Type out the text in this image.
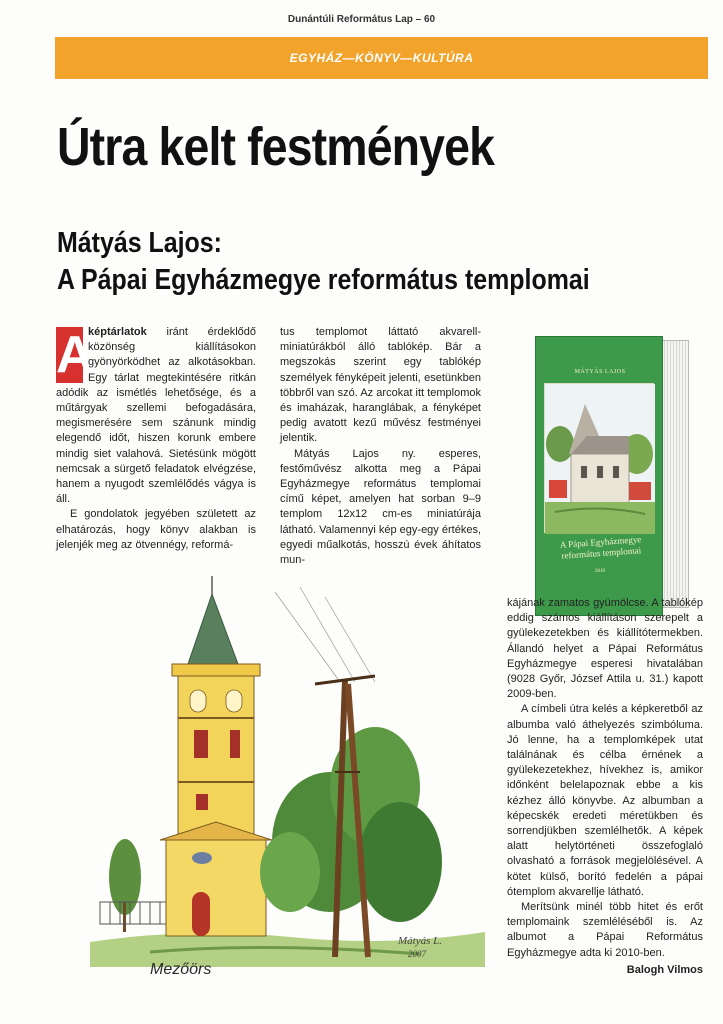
Dunántúli Református Lap – 60
EGYHÁZ—KÖNYV—KULTÚRA
Útra kelt festmények
Mátyás Lajos:
A Pápai Egyházmegye református templomai

A
képtárlatok iránt érdeklődő közönség kiállításokon gyönyörködhet az alkotásokban. Egy tárlat megtekintésére ritkán adódik az ismétlés lehetősége, és a műtárgyak szellemi befogadására, megismerésére sem szánunk mindig elegendő időt, hiszen korunk embere mindig siet valahová. Sietésünk mögött nemcsak a sürgető feladatok elvégzése, hanem a nyugodt szemlélődés vágya is áll.

E gondolatok jegyében született az elhatározás, hogy könyv alakban is jelenjék meg az ötvennégy, reformá-

tus templomot láttató akvarell-miniatúrákból álló tablókép. Bár a megszokás szerint egy tablókép személyek fényképeit jelenti, esetünkben többről van szó. Az arcokat itt templomok és imaházak, haranglábak, a fényképet pedig avatott kezű művész festményei jelentik.

Mátyás Lajos ny. esperes, festőművész alkotta meg a Pápai Egyházmegye református templomai című képet, amelyen hat sorban 9–9 templom 12x12 cm-es miniatúrája látható. Valamennyi kép egy-egy értékes, egyedi műalkotás, hosszú évek áhítatos mun-

MÁTYÁS LAJOS
A Pápai Egyházmegye
református templomai
2010
Mátyás L.
2007
Mezőörs

kájának zamatos gyümölcse. A tablókép eddig számos kiállításon szerepelt a gyülekezetekben és kiállítótermekben. Állandó helyet a Pápai Református Egyházmegye esperesi hivatalában (9028 Győr, József Attila u. 31.) kapott 2009-ben.

A címbeli útra kelés a képkeretből az albumba való áthelyezés szimbóluma. Jó lenne, ha a templomképek utat találnának és célba érnének a gyülekezetekhez, hívekhez is, amikor időnként belelapoznak ebbe a kis kézhez álló könyvbe. Az albumban a képecskék eredeti méretükben és sorrendjükben szemlélhetők. A képek alatt helytörténeti összefoglaló olvasható a források megjelölésével. A kötet külső, borító fedelén a pápai ótemplom akvarellje látható.

Merítsünk minél több hitet és erőt templomaink szemléléséből is. Az albumot a Pápai Református Egyházmegye adta ki 2010-ben.

Balogh Vilmos
